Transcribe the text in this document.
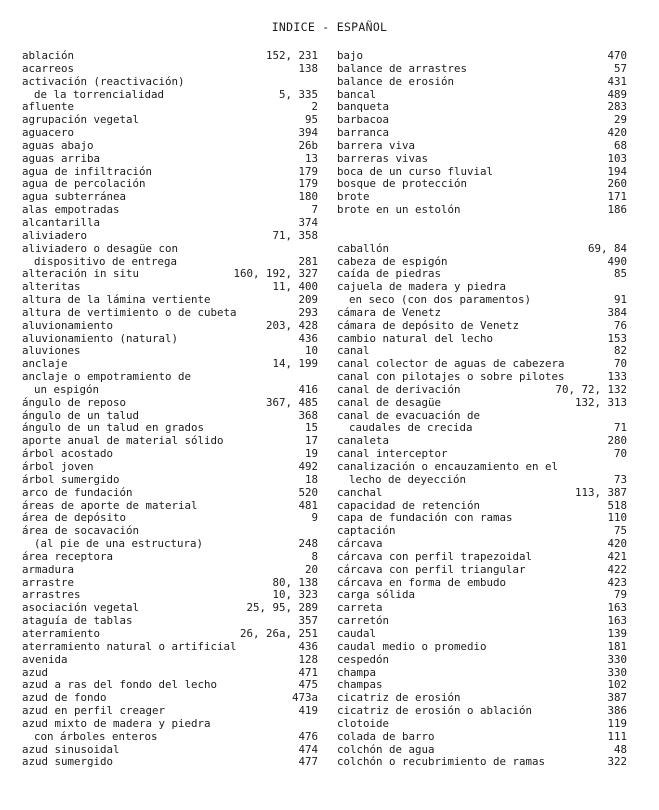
INDICE - ESPAÑOL
ablación	152, 231
acarreos	138
activación (reactivación)
de la torrencialidad	5, 335
afluente	2
agrupación vegetal	95
aguacero	394
aguas abajo	26b
aguas arriba	13
agua de infiltración	179
agua de percolación	179
agua subterránea	180
alas empotradas	7
alcantarilla	374
aliviadero	71, 358
aliviadero o desagüe con
dispositivo de entrega	281
alteración in situ	160, 192, 327
alteritas	11, 400
altura de la lámina vertiente	209
altura de vertimiento o de cubeta	293
aluvionamiento	203, 428
aluvionamiento (natural)	436
aluviones	10
anclaje	14, 199
anclaje o empotramiento de
un espigón	416
ángulo de reposo	367, 485
ángulo de un talud	368
ángulo de un talud en grados	15
aporte anual de material sólido	17
árbol acostado	19
árbol joven	492
árbol sumergido	18
arco de fundación	520
áreas de aporte de material	481
área de depósito	9
área de socavación
(al pie de una estructura)	248
área receptora	8
armadura	20
arrastre	80, 138
arrastres	10, 323
asociación vegetal	25, 95, 289
ataguía de tablas	357
aterramiento	26, 26a, 251
aterramiento natural o artificial	436
avenida	128
azud	471
azud a ras del fondo del lecho	475
azud de fondo	473a
azud en perfil creager	419
azud mixto de madera y piedra
con árboles enteros	476
azud sinusoidal	474
azud sumergido	477
bajo	470
balance de arrastres	57
balance de erosión	431
bancal	489
banqueta	283
barbacoa	29
barranca	420
barrera viva	68
barreras vivas	103
boca de un curso fluvial	194
bosque de protección	260
brote	171
brote en un estolón	186
caballón	69, 84
cabeza de espigón	490
caída de piedras	85
cajuela de madera y piedra
en seco (con dos paramentos)	91
cámara de Venetz	384
cámara de depósito de Venetz	76
cambio natural del lecho	153
canal	82
canal colector de aguas de cabezera	70
canal con pilotajes o sobre pilotes	133
canal de derivación	70, 72, 132
canal de desagüe	132, 313
canal de evacuación de
caudales de crecida	71
canaleta	280
canal interceptor	70
canalización o encauzamiento en el
lecho de deyección	73
canchal	113, 387
capacidad de retención	518
capa de fundación con ramas	110
captación	75
cárcava	420
cárcava con perfil trapezoidal	421
cárcava con perfil triangular	422
cárcava en forma de embudo	423
carga sólida	79
carreta	163
carretón	163
caudal	139
caudal medio o promedio	181
cespedón	330
champa	330
champas	102
cicatriz de erosión	387
cicatriz de erosión o ablación	386
clotoide	119
colada de barro	111
colchón de agua	48
colchón o recubrimiento de ramas	322
